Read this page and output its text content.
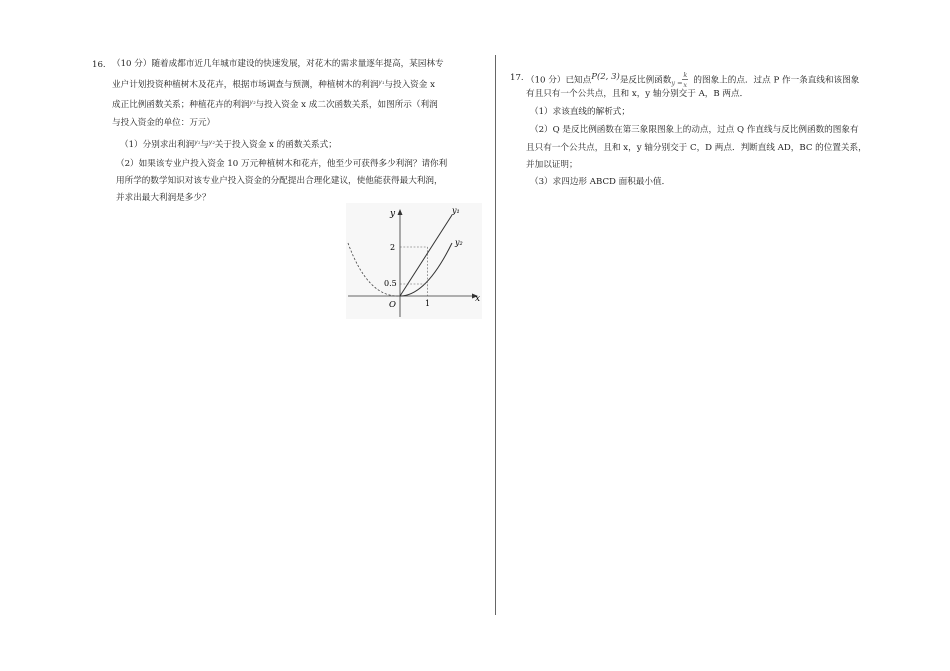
16. （10 分）随着成都市近几年城市建设的快速发展，对花木的需求量逐年提高，某园林专
业户计划投资种植树木及花卉，根据市场调查与预测，种植树木的利润$^{y_1}$与投入资金 x
成正比例函数关系；种植花卉的利润$^{y_2}$与投入资金 x 成二次函数关系，如图所示（利润
与投入资金的单位：万元）
（1）分别求出利润$^{y_1}$与$^{y_2}$关于投入资金 x 的函数关系式；
（2）如果该专业户投入资金 10 万元种植树木和花卉，他至少可获得多少利润？请你利
用所学的数学知识对该专业户投入资金的分配提出合理化建议，使他能获得最大利润，
并求出最大利润是多少？
y
x
O
y₁
y₂
2
0.5
1
17. （10 分）已知点P(2, 3)是反比例函数 y =
k
x 的图象上的点．过点 P 作一条直线和该图象
有且只有一个公共点，且和 x，y 轴分别交于 A，B 两点．
（1）求该直线的解析式；
（2）Q 是反比例函数在第三象限图象上的动点，过点 Q 作直线与反比例函数的图象有
且只有一个公共点，且和 x，y 轴分别交于 C，D 两点．判断直线 AD，BC 的位置关系，
并加以证明；
（3）求四边形 ABCD 面积最小值．
